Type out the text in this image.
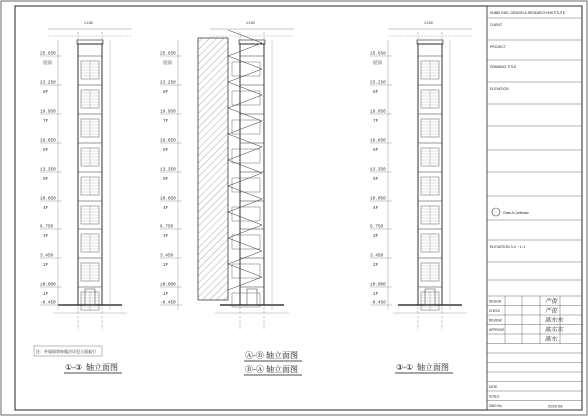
1:100
25.650
屋面
23.250
8F
19.950
7F
16.650
6F
13.350
5F
10.050
4F
6.750
3F
3.450
2F
±0.000
1F
-0.450
1:100
25.650
屋面
23.250
8F
19.950
7F
16.650
6F
13.350
5F
10.050
4F
6.750
3F
3.450
2F
±0.000
1F
-0.450
1:100
25.650
屋面
23.250
8F
19.950
7F
16.650
6F
13.350
5F
10.050
4F
6.750
3F
3.450
2F
±0.000
1F
-0.450
①-③ 轴立面图
Ⓐ-Ⓑ 轴立面图
Ⓑ-Ⓐ 轴立面图	③-① 轴立面图
注：外墙面装饰做法详见立面索引
HUBEI ENG. DESIGN & RESEARCH INSTITUTE
CLIENT
PROJECT
DRAWING TITLE
ELEVATION
Class A Certificate
DESIGN
CHECK
REVIEW
APPROVE
严俊
严俊
陈东东
陈东东
陈东
DATE
SCALE
DWG No.	2020.08
ELEVATION 3-3 ~ 1-1
